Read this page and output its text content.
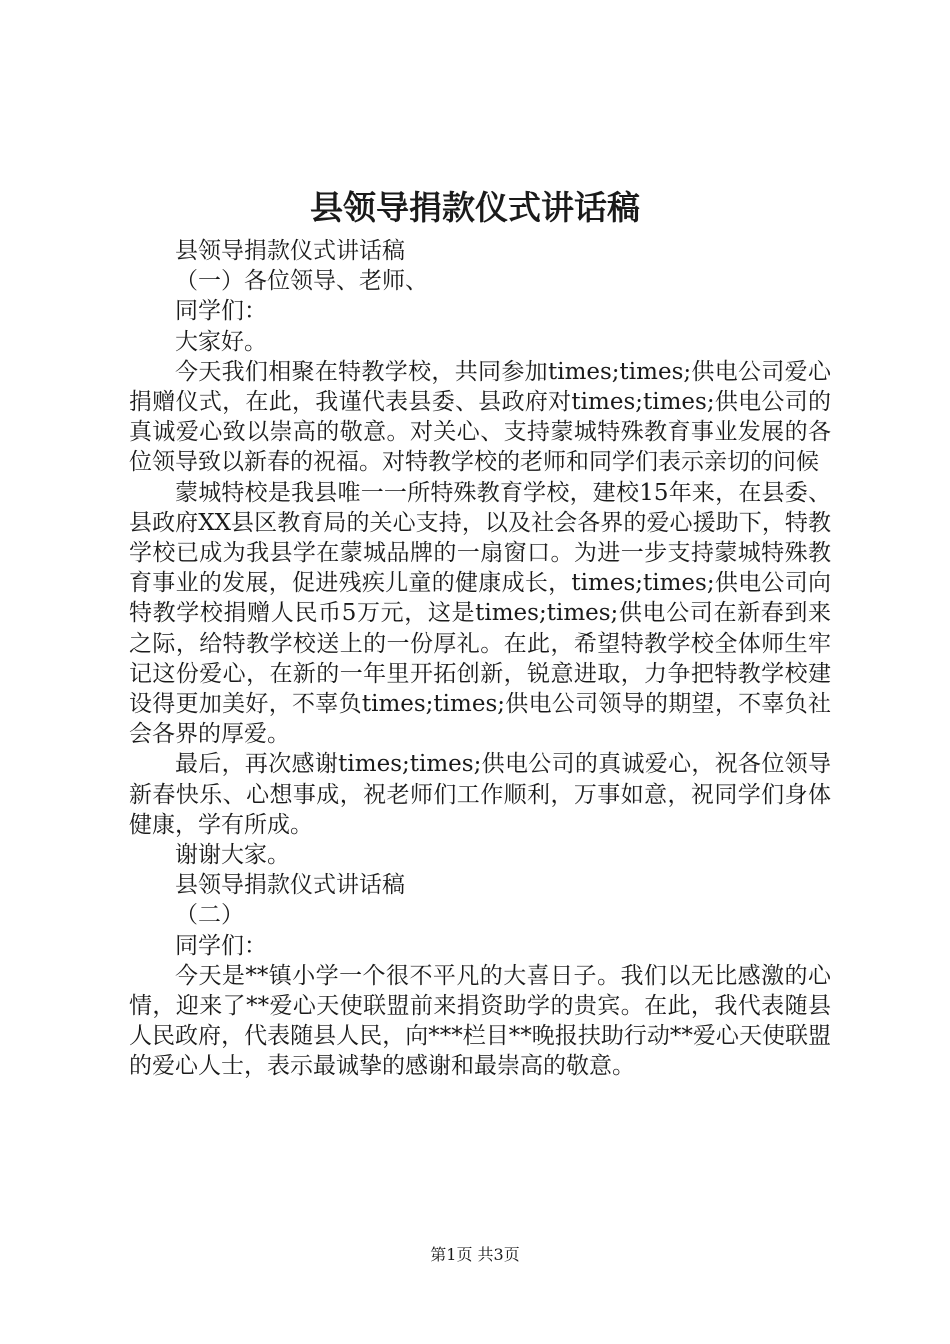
县领导捐款仪式讲话稿

县领导捐款仪式讲话稿

（一）各位领导、老师、

同学们：

大家好。

今天我们相聚在特教学校，共同参加times;times;供电公司爱心捐赠仪式，在此，我谨代表县委、县政府对times;times;供电公司的真诚爱心致以崇高的敬意。对关心、支持蒙城特殊教育事业发展的各位领导致以新春的祝福。对特教学校的老师和同学们表示亲切的问候

蒙城特校是我县唯一一所特殊教育学校，建校15年来，在县委、县政府XX县区教育局的关心支持，以及社会各界的爱心援助下，特教学校已成为我县学在蒙城品牌的一扇窗口。为进一步支持蒙城特殊教育事业的发展，促进残疾儿童的健康成长，times;times;供电公司向特教学校捐赠人民币5万元，这是times;times;供电公司在新春到来之际，给特教学校送上的一份厚礼。在此，希望特教学校全体师生牢记这份爱心，在新的一年里开拓创新，锐意进取，力争把特教学校建设得更加美好，不辜负times;times;供电公司领导的期望，不辜负社会各界的厚爱。

最后，再次感谢times;times;供电公司的真诚爱心，祝各位领导新春快乐、心想事成，祝老师们工作顺利，万事如意，祝同学们身体健康，学有所成。

谢谢大家。

县领导捐款仪式讲话稿

（二）

同学们：

今天是**镇小学一个很不平凡的大喜日子。我们以无比感激的心情，迎来了**爱心天使联盟前来捐资助学的贵宾。在此，我代表随县人民政府，代表随县人民，向***栏目**晚报扶助行动**爱心天使联盟的爱心人士，表示最诚挚的感谢和最崇高的敬意。

第1页 共3页
